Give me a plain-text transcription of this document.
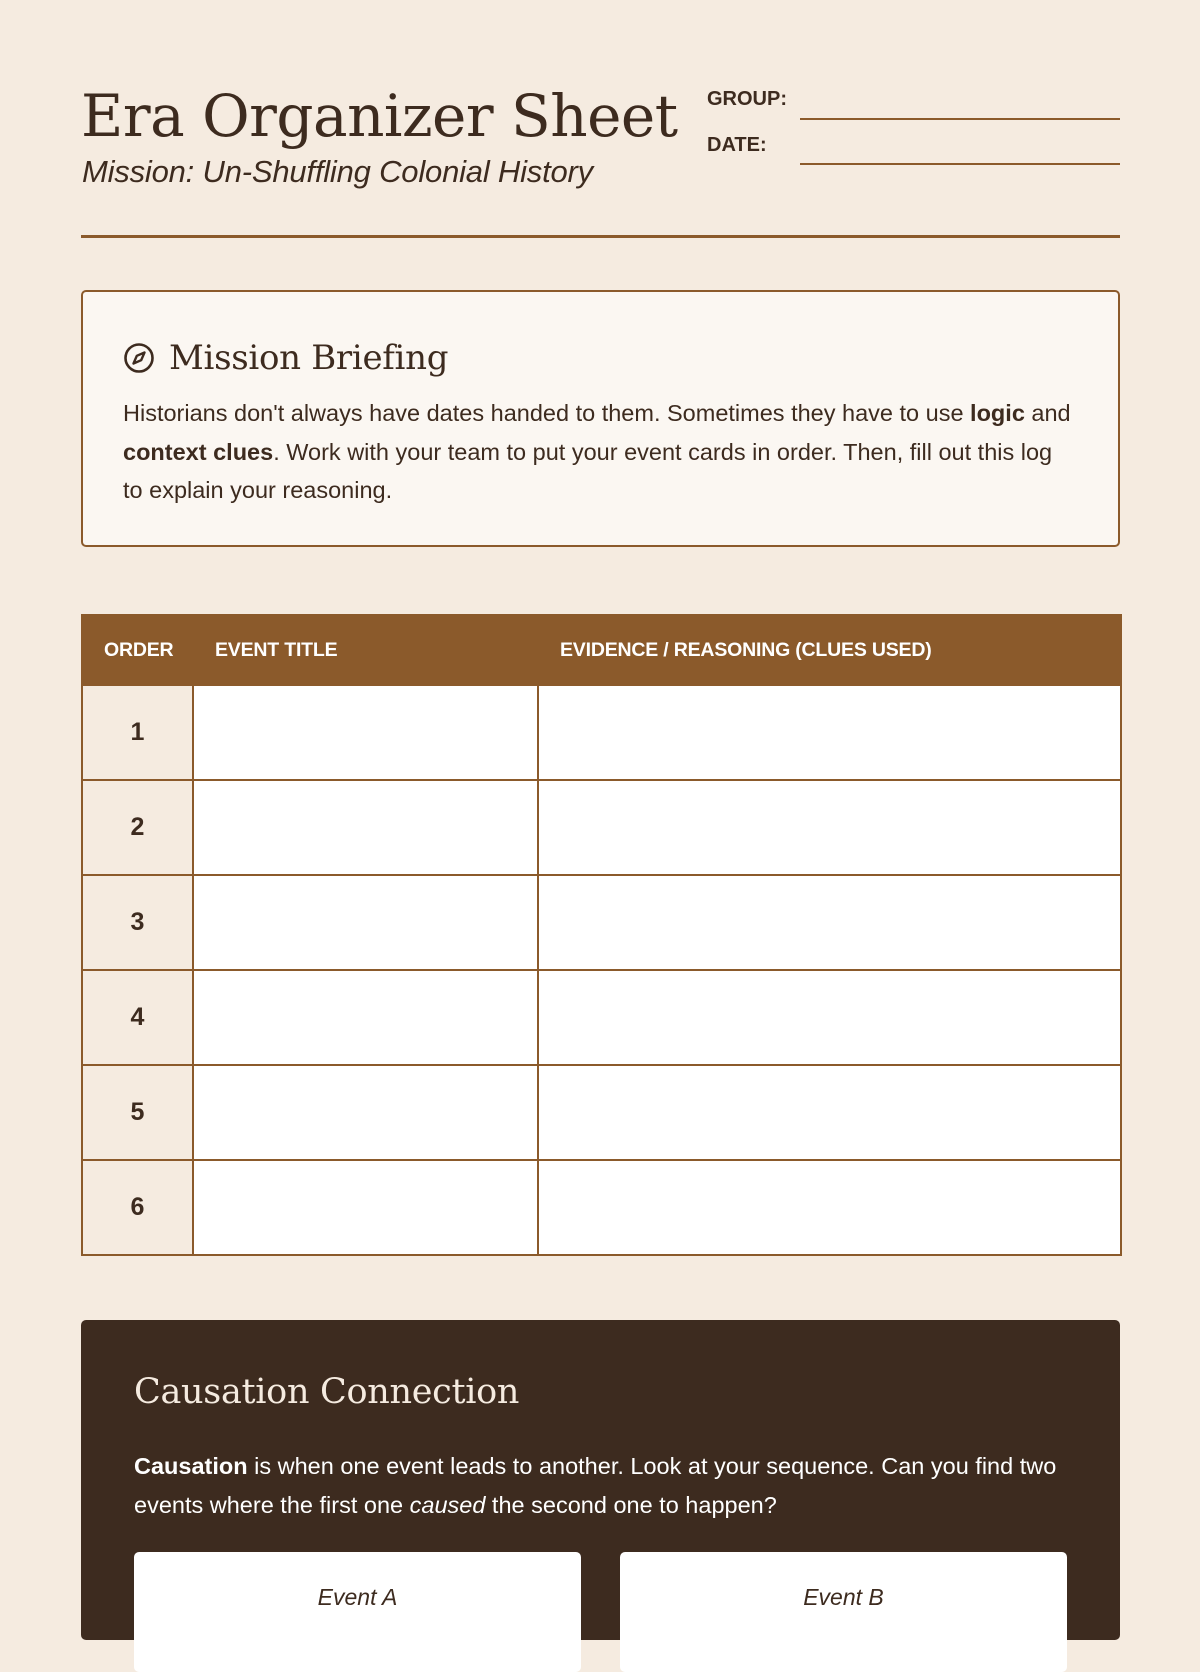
Era Organizer Sheet

Mission: Un-Shuffling Colonial History

GROUP:
DATE:
Mission Briefing

Historians don't always have dates handed to them. Sometimes they have to use logic and context clues. Work with your team to put your event cards in order. Then, fill out this log to explain your reasoning.

ORDER	EVENT TITLE	EVIDENCE / REASONING (CLUES USED)
1		
2		
3		
4		
5		
6		
Causation Connection

Causation is when one event leads to another. Look at your sequence. Can you find two events where the first one caused the second one to happen?

Event A	Event B
